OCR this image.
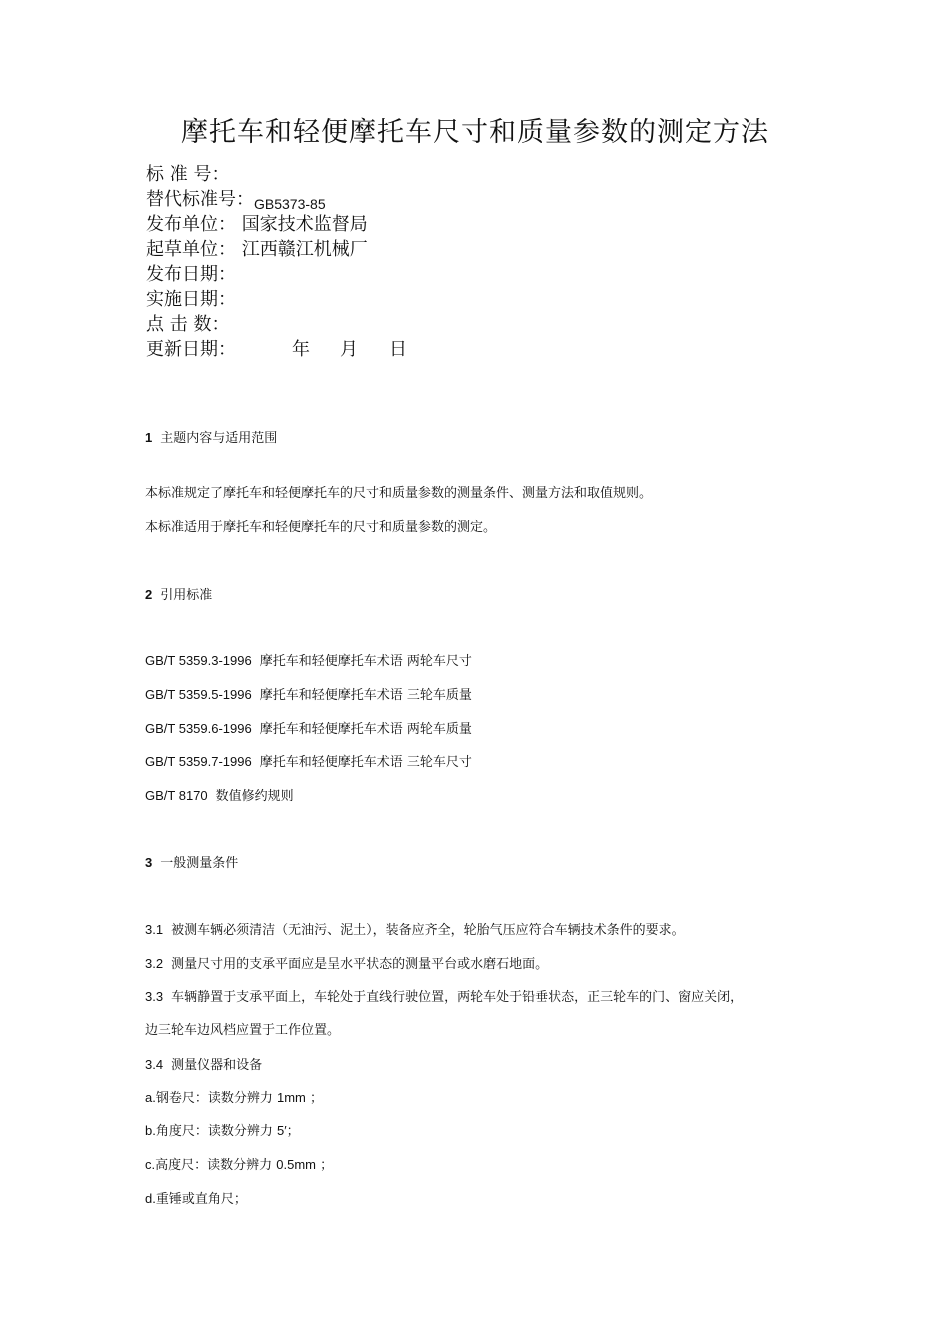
摩托车和轻便摩托车尺寸和质量参数的测定方法
标 准 号：
替代标准号：GB5373-85
发布单位： 国家技术监督局
起草单位： 江西赣江机械厂
发布日期：
实施日期：
点 击 数：
更新日期：	年 月 日
1 主题内容与适用范围
本标准规定了摩托车和轻便摩托车的尺寸和质量参数的测量条件、测量方法和取值规则。
本标准适用于摩托车和轻便摩托车的尺寸和质量参数的测定。
2 引用标准
GB/T 5359.3-1996 摩托车和轻便摩托车术语 两轮车尺寸
GB/T 5359.5-1996 摩托车和轻便摩托车术语 三轮车质量
GB/T 5359.6-1996 摩托车和轻便摩托车术语 两轮车质量
GB/T 5359.7-1996 摩托车和轻便摩托车术语 三轮车尺寸
GB/T 8170 数值修约规则
3 一般测量条件
3.1 被测车辆必须清洁（无油污、泥土），装备应齐全，轮胎气压应符合车辆技术条件的要求。
3.2 测量尺寸用的支承平面应是呈水平状态的测量平台或水磨石地面。
3.3 车辆静置于支承平面上，车轮处于直线行驶位置，两轮车处于铅垂状态，正三轮车的门、窗应关闭，
边三轮车边风档应置于工作位置。
3.4 测量仪器和设备
a.钢卷尺：读数分辨力 1mm ；
b.角度尺：读数分辨力 5′；
c.高度尺：读数分辨力 0.5mm ；
d.重锤或直角尺；
